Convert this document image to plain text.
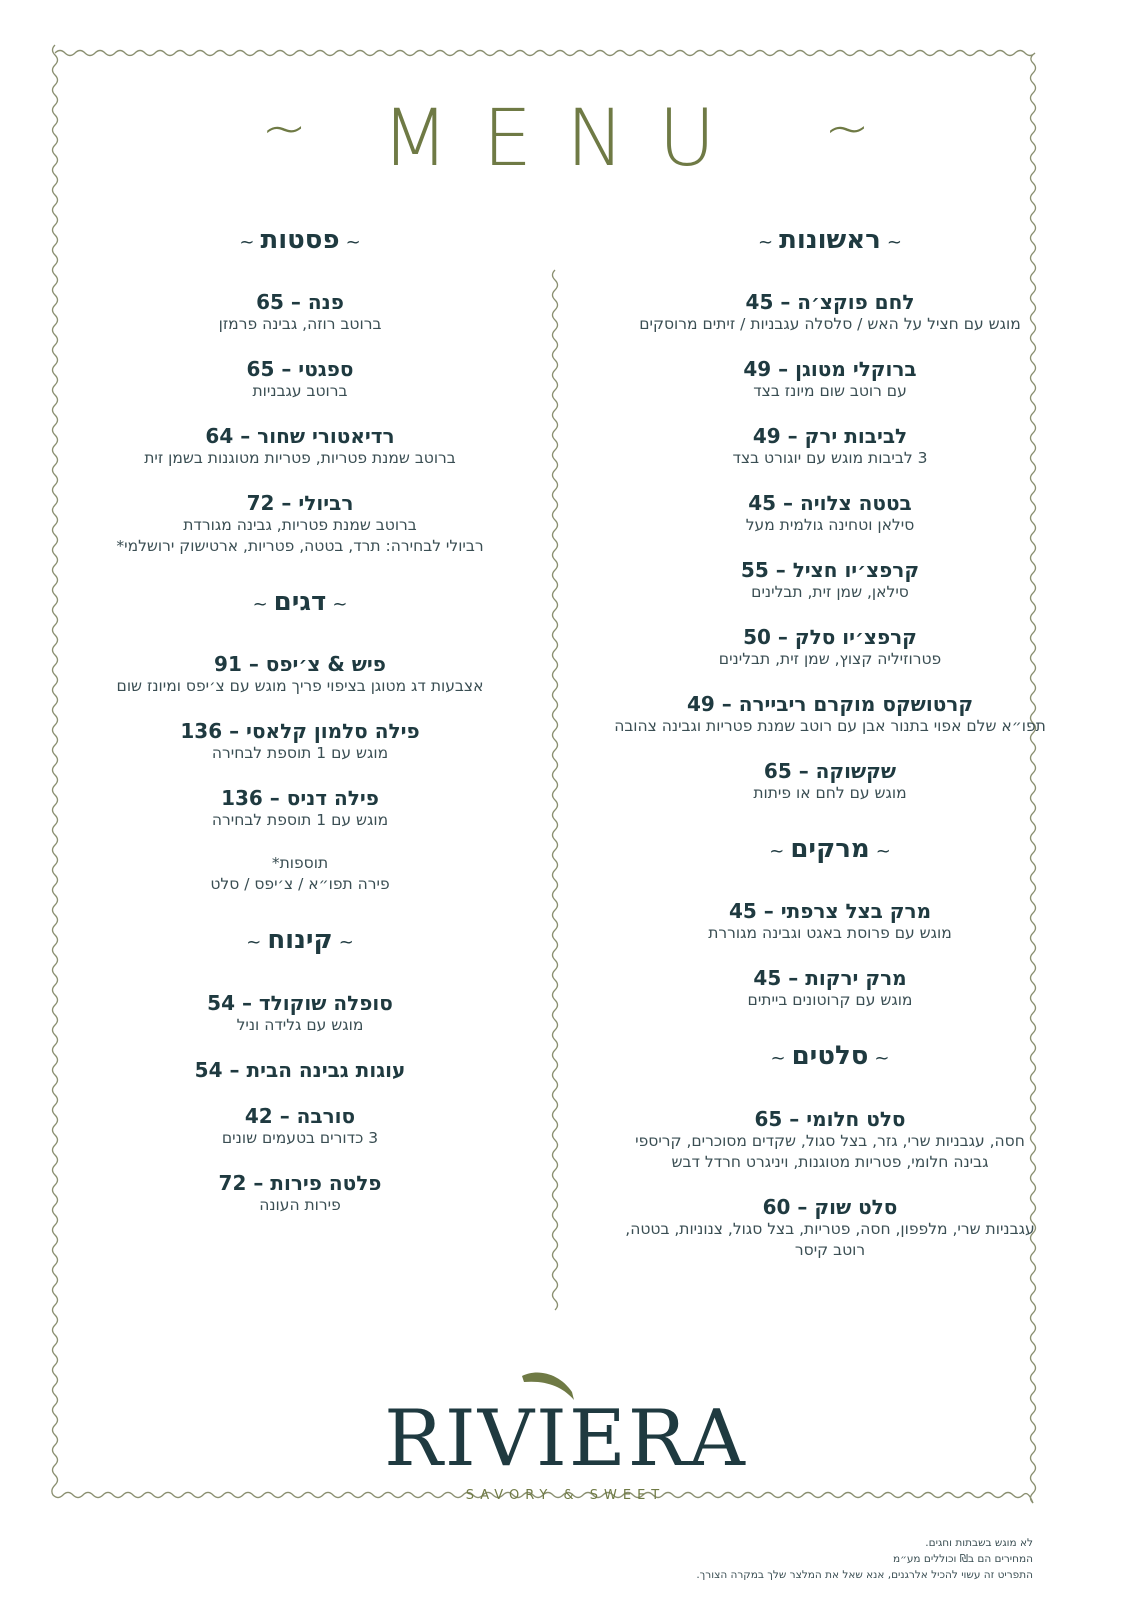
~ MENU ~
~ראשונות~
לחם פוקצ׳ה – 45
מוגש עם חציל על האש / סלסלה עגבניות / זיתים מרוסקים
ברוקלי מטוגן – 49
עם רוטב שום מיונז בצד
לביבות ירק – 49
3 לביבות מוגש עם יוגורט בצד
בטטה צלויה – 45
סילאן וטחינה גולמית מעל
קרפצ׳יו חציל – 55
סילאן, שמן זית, תבלינים
קרפצ׳יו סלק – 50
פטרוזיליה קצוץ, שמן זית, תבלינים
קרטושקס מוקרם ריביירה – 49
תפו״א שלם אפוי בתנור אבן עם רוטב שמנת פטריות וגבינה צהובה
שקשוקה – 65
מוגש עם לחם או פיתות
~מרקים~
מרק בצל צרפתי – 45
מוגש עם פרוסת באגט וגבינה מגוררת
מרק ירקות – 45
מוגש עם קרוטונים בייתים
~סלטים~
סלט חלומי – 65
חסה, עגבניות שרי, גזר, בצל סגול, שקדים מסוכרים, קריספי גבינה חלומי, פטריות מטוגנות, ויניגרט חרדל דבש
סלט שוק – 60
עגבניות שרי, מלפפון, חסה, פטריות, בצל סגול, צנוניות, בטטה, רוטב קיסר
~פסטות~
פנה – 65
ברוטב רוזה, גבינה פרמזן
ספגטי – 65
ברוטב עגבניות
רדיאטורי שחור – 64
ברוטב שמנת פטריות, פטריות מטוגנות בשמן זית
רביולי – 72
ברוטב שמנת פטריות, גבינה מגורדת
רביולי לבחירה: תרד, בטטה, פטריות, ארטישוק ירושלמי*
~דגים~
פיש & צ׳יפס – 91
אצבעות דג מטוגן בציפוי פריך מוגש עם צ׳יפס ומיונז שום
פילה סלמון קלאסי – 136
מוגש עם 1 תוספת לבחירה
פילה דניס – 136
מוגש עם 1 תוספת לבחירה
תוספות*
פירה תפו״א / צ׳יפס / סלט
~קינוח~
סופלה שוקולד – 54
מוגש עם גלידה וניל
עוגות גבינה הבית – 54
סורבה – 42
3 כדורים בטעמים שונים
פלטה פירות – 72
פירות העונה
RIVIERA
SAVORY & SWEET
לא מוגש בשבתות וחגים.
המחירים הם ב₪ וכוללים מע״מ
התפריט זה עשוי להכיל אלרגנים, אנא שאל את המלצר שלך במקרה הצורך.
